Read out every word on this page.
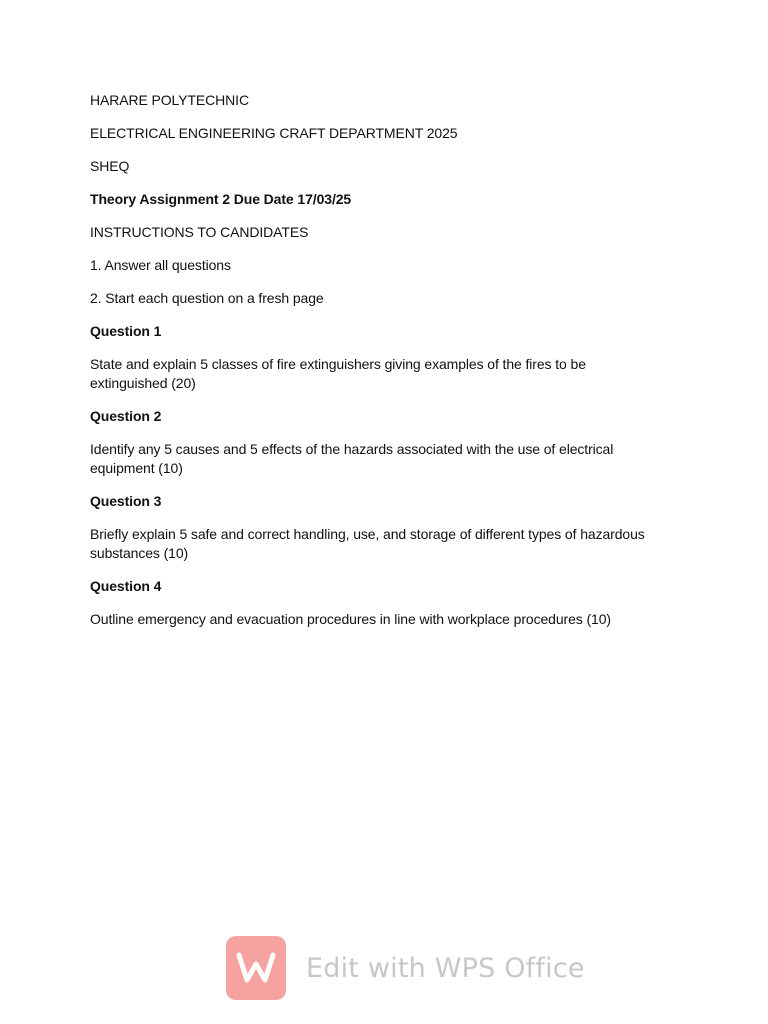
HARARE POLYTECHNIC

ELECTRICAL ENGINEERING CRAFT DEPARTMENT 2025

SHEQ

Theory Assignment 2 Due Date 17/03/25

INSTRUCTIONS TO CANDIDATES

1. Answer all questions

2. Start each question on a fresh page

Question 1

State and explain 5 classes of fire extinguishers giving examples of the fires to be
extinguished (20)

Question 2

Identify any 5 causes and 5 effects of the hazards associated with the use of electrical
equipment (10)

Question 3

Briefly explain 5 safe and correct handling, use, and storage of different types of hazardous
substances (10)

Question 4

Outline emergency and evacuation procedures in line with workplace procedures (10)

Edit with WPS Office
